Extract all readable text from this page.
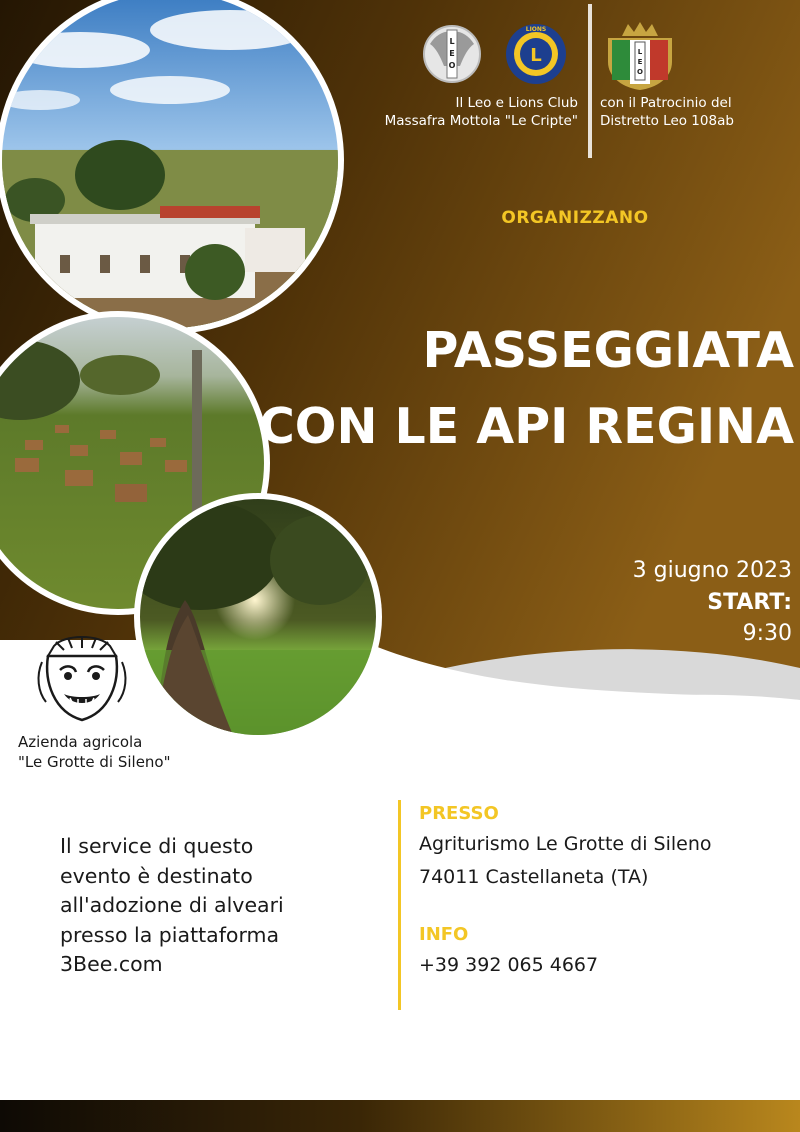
L
E
O	L
LIONS
L
E
O
Il Leo e Lions Club
Massafra Mottola "Le Cripte"
con il Patrocinio del
Distretto Leo 108ab
ORGANIZZANO
PASSEGGIATA
CON LE API REGINA
3 giugno 2023
START:
9:30
Azienda agricola
"Le Grotte di Sileno"
Il service di questo
evento è destinato
all'adozione di alveari
presso la piattaforma
3Bee.com
PRESSO
Agriturismo Le Grotte di Sileno
74011 Castellaneta (TA)
INFO
+39 392 065 4667
